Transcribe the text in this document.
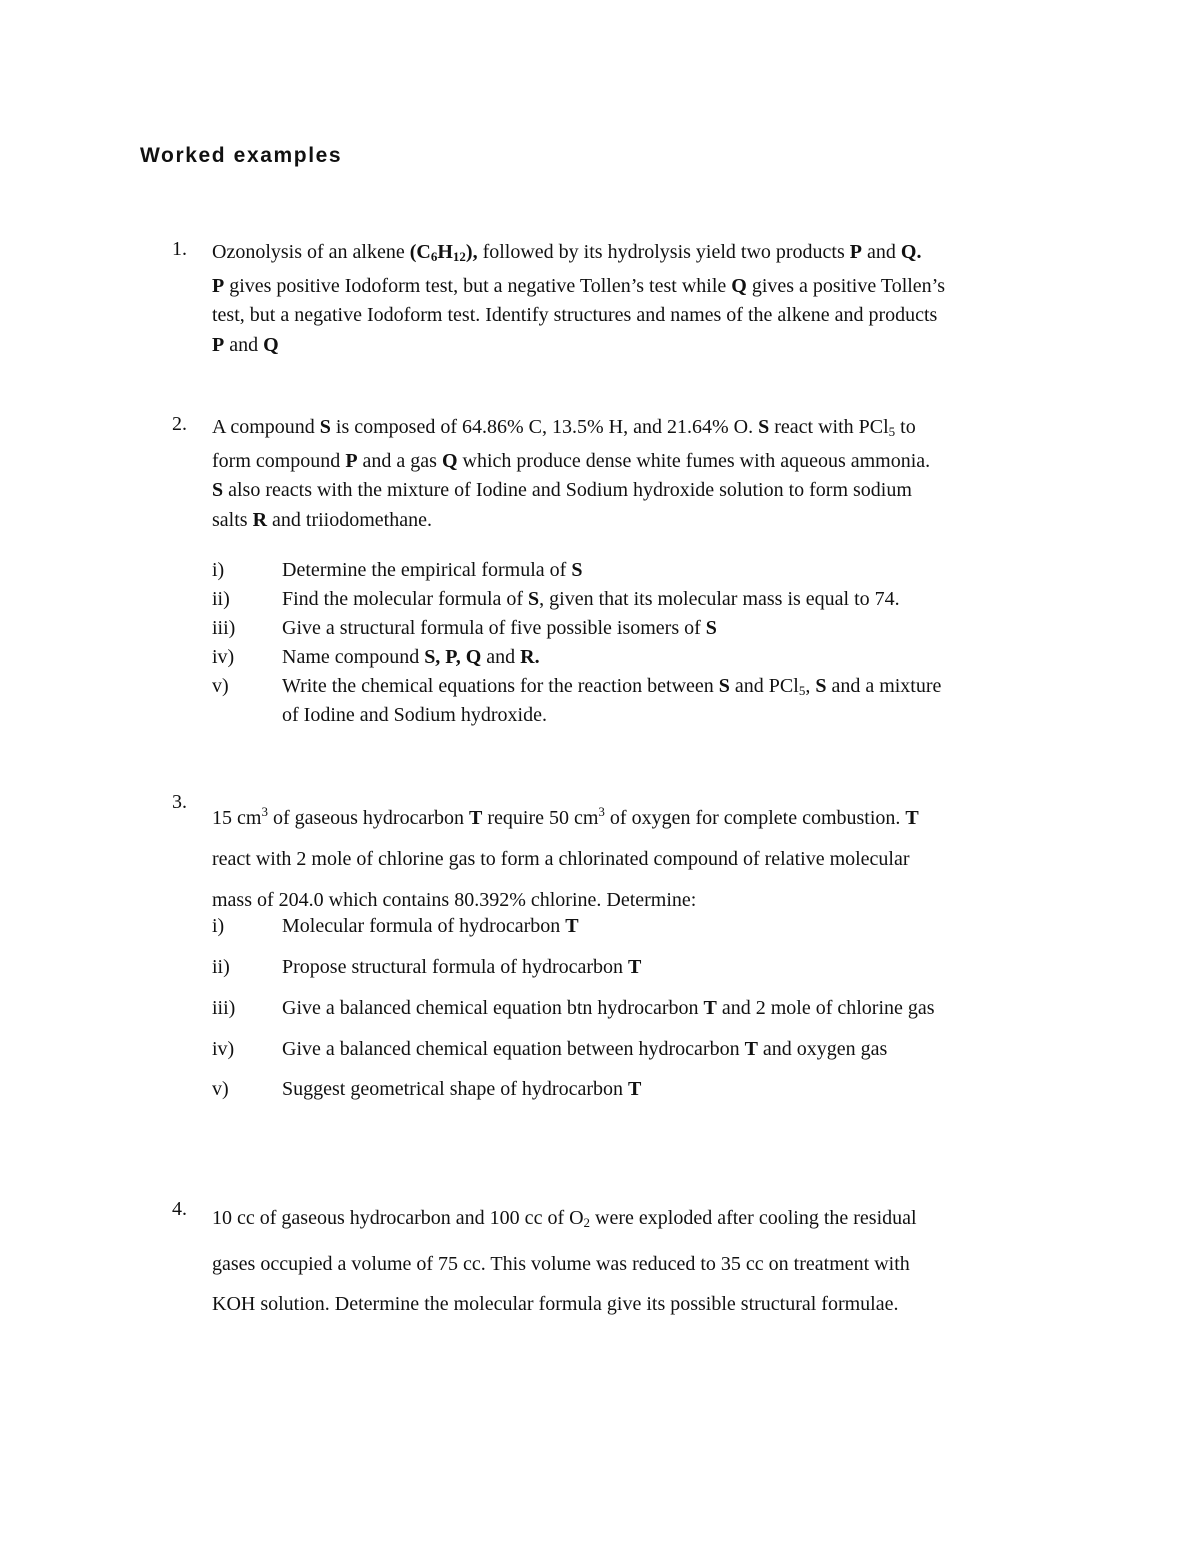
Worked examples
1. Ozonolysis of an alkene $(C_6H_{12})$, followed by its hydrolysis yield two products P and Q.
P gives positive Iodoform test, but a negative Tollen’s test while Q gives a positive Tollen’s
test, but a negative Iodoform test. Identify structures and names of the alkene and products
P and Q
2. A compound S is composed of 64.86% C, 13.5% H, and 21.64% O. S react with PCl$_5$ to
form compound P and a gas Q which produce dense white fumes with aqueous ammonia.
S also reacts with the mixture of Iodine and Sodium hydroxide solution to form sodium
salts R and triiodomethane.
i)	Determine the empirical formula of S
ii)	Find the molecular formula of S, given that its molecular mass is equal to 74.
iii) Give a structural formula of five possible isomers of S
iv) Name compound S, P, Q and R.
v)	Write the chemical equations for the reaction between S and PCl$_5$, S and a mixture
of Iodine and Sodium hydroxide.
3.
15 $cm^3$ of gaseous hydrocarbon T require 50 $cm^3$ of oxygen for complete combustion. T
react with 2 mole of chlorine gas to form a chlorinated compound of relative molecular
mass of 204.0 which contains 80.392% chlorine. Determine:
i)	Molecular formula of hydrocarbon T
ii)	Propose structural formula of hydrocarbon T
iii) Give a balanced chemical equation btn hydrocarbon T and 2 mole of chlorine gas
iv) Give a balanced chemical equation between hydrocarbon T and oxygen gas
v)	Suggest geometrical shape of hydrocarbon T
4. 10 cc of gaseous hydrocarbon and 100 cc of $O_2$ were exploded after cooling the residual
gases occupied a volume of 75 cc. This volume was reduced to 35 cc on treatment with
KOH solution. Determine the molecular formula give its possible structural formulae.
